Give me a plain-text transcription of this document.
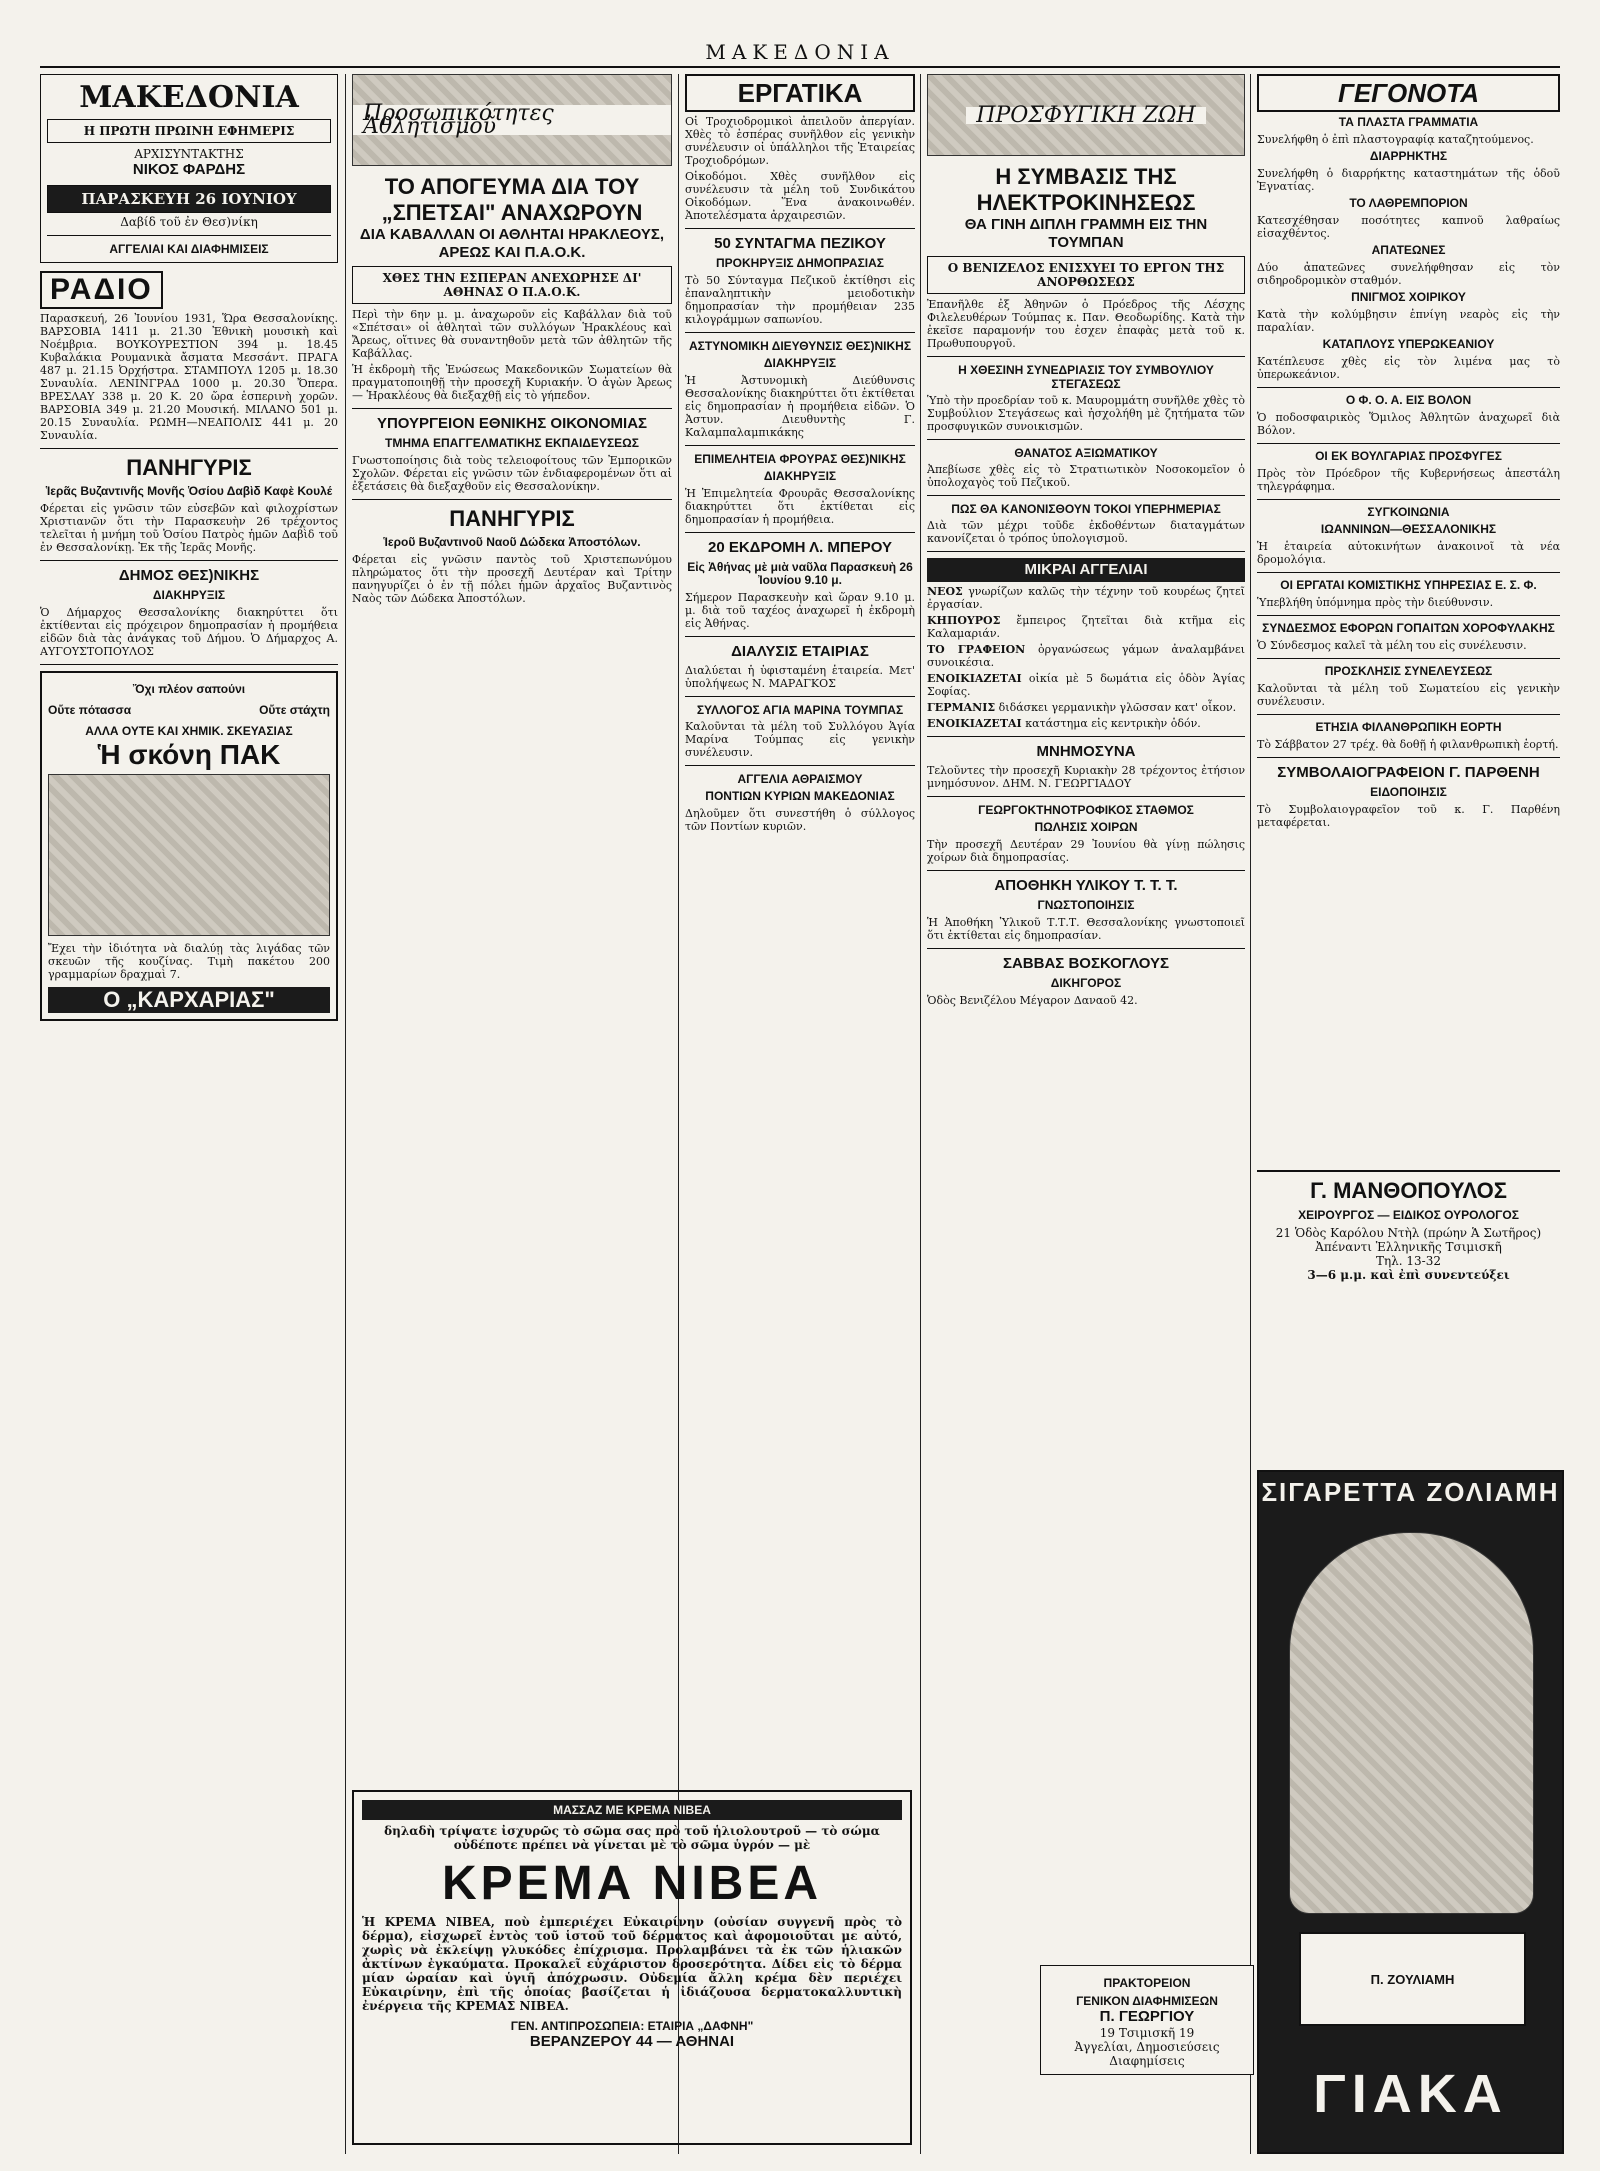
ΜΑΚΕΔΟΝΙΑ
ΜΑΚΕΔΟΝΙΑ
Η ΠΡΩΤΗ ΠΡΩΙΝΗ ΕΦΗΜΕΡΙΣ
ΑΡΧΙΣΥΝΤΑΚΤΗΣ
ΝΙΚΟΣ ΦΑΡΔΗΣ
ΠΑΡΑΣΚΕΥΗ 26 ΙΟΥΝΙΟΥ
Δαβίδ τοῦ ἐν Θεσ)νίκη
ΑΓΓΕΛΙΑΙ ΚΑΙ ΔΙΑΦΗΜΙΣΕΙΣ
ΡΑΔΙΟ
Παρασκευή, 26 Ἰουνίου 1931, Ὥρα Θεσσαλονίκης. ΒΑΡΣΟΒΙΑ 1411 μ. 21.30 Ἐθνικὴ μουσικὴ καὶ Νοέμβρια. ΒΟΥΚΟΥΡΕΣΤΙΟΝ 394 μ. 18.45 Κυβαλάκια Ρουμανικὰ ἄσματα Μεσσάντ. ΠΡΑΓΑ 487 μ. 21.15 Ὀρχήστρα. ΣΤΑΜΠΟΥΛ 1205 μ. 18.30 Συναυλία. ΛΕΝΙΝΓΡΑΔ 1000 μ. 20.30 Ὄπερα. ΒΡΕΣΛΑΥ 338 μ. 20 Κ. 20 ὥρα ἑσπερινὴ χορῶν. ΒΑΡΣΟΒΙΑ 349 μ. 21.20 Μουσική. ΜΙΛΑΝΟ 501 μ. 20.15 Συναυλία. ΡΩΜΗ—ΝΕΑΠΟΛΙΣ 441 μ. 20 Συναυλία.
ΠΑΝΗΓΥΡΙΣ
Ἱερᾶς Βυζαντινῆς Μονῆς Ὁσίου Δαβὶδ Καφὲ Κουλέ
Φέρεται εἰς γνῶσιν τῶν εὐσεβῶν καὶ φιλοχρίστων Χριστιανῶν ὅτι τὴν Παρασκευὴν 26 τρέχοντος τελεῖται ἡ μνήμη τοῦ Ὁσίου Πατρὸς ἡμῶν Δαβὶδ τοῦ ἐν Θεσσαλονίκῃ. Ἐκ τῆς Ἱερᾶς Μονῆς.
ΔΗΜΟΣ ΘΕΣ)ΝΙΚΗΣ
ΔΙΑΚΗΡΥΞΙΣ
Ὁ Δήμαρχος Θεσσαλονίκης διακηρύττει ὅτι ἐκτίθενται εἰς πρόχειρον δημοπρασίαν ἡ προμήθεια εἰδῶν διὰ τὰς ἀνάγκας τοῦ Δήμου. Ὁ Δήμαρχος Α. ΑΥΓΟΥΣΤΟΠΟΥΛΟΣ
Ὄχι πλέον σαπούνι
Οὔτε πότασσα	Οὔτε στάχτη
ΑΛΛΑ ΟΥΤΕ ΚΑΙ ΧΗΜΙΚ. ΣΚΕΥΑΣΙΑΣ
Ἡ σκόνη ΠΑΚ
Ἔχει τὴν ἰδιότητα νὰ διαλύῃ τὰς λιγάδας τῶν σκευῶν τῆς κουζίνας. Τιμὴ πακέτου 200 γραμμαρίων δραχμαὶ 7.
Ο „ΚΑΡΧΑΡΙΑΣ"
Προσωπικότητες Ἀθλητισμοῦ
ΤΟ ΑΠΟΓΕΥΜΑ ΔΙΑ ΤΟΥ „ΣΠΕΤΣΑΙ" ΑΝΑΧΩΡΟΥΝ
ΔΙΑ ΚΑΒΑΛΛΑΝ ΟΙ ΑΘΛΗΤΑΙ ΗΡΑΚΛΕΟΥΣ, ΑΡΕΩΣ ΚΑΙ Π.Α.Ο.Κ.
ΧΘΕΣ ΤΗΝ ΕΣΠΕΡΑΝ ΑΝΕΧΩΡΗΣΕ ΔΙ' ΑΘΗΝΑΣ Ο Π.Α.Ο.Κ.
Περὶ τὴν 6ην μ. μ. ἀναχωροῦν εἰς Καβάλλαν διὰ τοῦ «Σπέτσαι» οἱ ἀθληταὶ τῶν συλλόγων Ἡρακλέους καὶ Ἄρεως, οἵτινες θὰ συναντηθοῦν μετὰ τῶν ἀθλητῶν τῆς Καβάλλας.
Ἡ ἐκδρομὴ τῆς Ἐνώσεως Μακεδονικῶν Σωματείων θὰ πραγματοποιηθῇ τὴν προσεχῆ Κυριακήν. Ὁ ἀγὼν Ἀρεως — Ἡρακλέους θὰ διεξαχθῇ εἰς τὸ γήπεδον.
ΥΠΟΥΡΓΕΙΟΝ ΕΘΝΙΚΗΣ ΟΙΚΟΝΟΜΙΑΣ
ΤΜΗΜΑ ΕΠΑΓΓΕΛΜΑΤΙΚΗΣ ΕΚΠΑΙΔΕΥΣΕΩΣ
Γνωστοποίησις διὰ τοὺς τελειοφοίτους τῶν Ἐμπορικῶν Σχολῶν. Φέρεται εἰς γνῶσιν τῶν ἐνδιαφερομένων ὅτι αἱ ἐξετάσεις θὰ διεξαχθοῦν εἰς Θεσσαλονίκην.
ΠΑΝΗΓΥΡΙΣ
Ἱεροῦ Βυζαντινοῦ Ναοῦ Δώδεκα Ἀποστόλων.
Φέρεται εἰς γνῶσιν παντὸς τοῦ Χριστεπωνύμου πληρώματος ὅτι τὴν προσεχῆ Δευτέραν καὶ Τρίτην πανηγυρίζει ὁ ἐν τῇ πόλει ἡμῶν ἀρχαῖος Βυζαντινὸς Ναὸς τῶν Δώδεκα Ἀποστόλων.
ΕΡΓΑΤΙΚΑ
Οἱ Τροχιοδρομικοὶ ἀπειλοῦν ἀπεργίαν. Χθὲς τὸ ἑσπέρας συνῆλθον εἰς γενικὴν συνέλευσιν οἱ ὑπάλληλοι τῆς Ἑταιρείας Τροχιοδρόμων.
Οἰκοδόμοι. Χθὲς συνῆλθον εἰς συνέλευσιν τὰ μέλη τοῦ Συνδικάτου Οἰκοδόμων. Ἕνα ἀνακοινωθέν. Ἀποτελέσματα ἀρχαιρεσιῶν.
50 ΣΥΝΤΑΓΜΑ ΠΕΖΙΚΟΥ
ΠΡΟΚΗΡΥΞΙΣ ΔΗΜΟΠΡΑΣΙΑΣ
Τὸ 50 Σύνταγμα Πεζικοῦ ἐκτίθησι εἰς ἐπαναληπτικὴν μειοδοτικὴν δημοπρασίαν τὴν προμήθειαν 235 κιλογράμμων σαπωνίου.
ΑΣΤΥΝΟΜΙΚΗ ΔΙΕΥΘΥΝΣΙΣ ΘΕΣ)ΝΙΚΗΣ
ΔΙΑΚΗΡΥΞΙΣ
Ἡ Ἀστυνομικὴ Διεύθυνσις Θεσσαλονίκης διακηρύττει ὅτι ἐκτίθεται εἰς δημοπρασίαν ἡ προμήθεια εἰδῶν. Ὁ Ἀστυν. Διευθυντὴς Γ. Καλαμπαλαμπικάκης
ΕΠΙΜΕΛΗΤΕΙΑ ΦΡΟΥΡΑΣ ΘΕΣ)ΝΙΚΗΣ
ΔΙΑΚΗΡΥΞΙΣ
Ἡ Ἐπιμελητεία Φρουρᾶς Θεσσαλονίκης διακηρύττει ὅτι ἐκτίθεται εἰς δημοπρασίαν ἡ προμήθεια.
20 ΕΚΔΡΟΜΗ Λ. ΜΠΕΡΟΥ
Εἰς Ἀθήνας μὲ μιὰ ναῦλα Παρασκευὴ 26 Ἰουνίου 9.10 μ.
Σήμερον Παρασκευὴν καὶ ὥραν 9.10 μ. μ. διὰ τοῦ ταχέος ἀναχωρεῖ ἡ ἐκδρομὴ εἰς Ἀθήνας.
ΔΙΑΛΥΣΙΣ ΕΤΑΙΡΙΑΣ
Διαλύεται ἡ ὑφισταμένη ἑταιρεία. Μετ' ὑπολήψεως Ν. ΜΑΡΑΓΚΟΣ
ΣΥΛΛΟΓΟΣ ΑΓΙΑ ΜΑΡΙΝΑ ΤΟΥΜΠΑΣ
Καλοῦνται τὰ μέλη τοῦ Συλλόγου Ἁγία Μαρίνα Τούμπας εἰς γενικὴν συνέλευσιν.
ΑΓΓΕΛΙΑ ΑΘΡΑΙΣΜΟΥ
ΠΟΝΤΙΩΝ ΚΥΡΙΩΝ ΜΑΚΕΔΟΝΙΑΣ
Δηλοῦμεν ὅτι συνεστήθη ὁ σύλλογος τῶν Ποντίων κυριῶν.
ΠΡΟΣΦΥΓΙΚΗ ΖΩΗ
Η ΣΥΜΒΑΣΙΣ ΤΗΣ ΗΛΕΚΤΡΟΚΙΝΗΣΕΩΣ
ΘΑ ΓΙΝΗ ΔΙΠΛΗ ΓΡΑΜΜΗ ΕΙΣ ΤΗΝ ΤΟΥΜΠΑΝ
Ο ΒΕΝΙΖΕΛΟΣ ΕΝΙΣΧΥΕΙ ΤΟ ΕΡΓΟΝ ΤΗΣ ΑΝΟΡΘΩΣΕΩΣ
Ἐπανῆλθε ἐξ Ἀθηνῶν ὁ Πρόεδρος τῆς Λέσχης Φιλελευθέρων Τούμπας κ. Παν. Θεοδωρίδης. Κατὰ τὴν ἐκεῖσε παραμονήν του ἐσχεν ἐπαφὰς μετὰ τοῦ κ. Πρωθυπουργοῦ.
Η ΧΘΕΣΙΝΗ ΣΥΝΕΔΡΙΑΣΙΣ ΤΟΥ ΣΥΜΒΟΥΛΙΟΥ ΣΤΕΓΑΣΕΩΣ
Ὑπὸ τὴν προεδρίαν τοῦ κ. Μαυρομμάτη συνῆλθε χθὲς τὸ Συμβούλιον Στεγάσεως καὶ ἠσχολήθη μὲ ζητήματα τῶν προσφυγικῶν συνοικισμῶν.
ΘΑΝΑΤΟΣ ΑΞΙΩΜΑΤΙΚΟΥ
Ἀπεβίωσε χθὲς εἰς τὸ Στρατιωτικὸν Νοσοκομεῖον ὁ ὑπολοχαγὸς τοῦ Πεζικοῦ.
ΠΩΣ ΘΑ ΚΑΝΟΝΙΣΘΟΥΝ ΤΟΚΟΙ ΥΠΕΡΗΜΕΡΙΑΣ
Διὰ τῶν μέχρι τοῦδε ἐκδοθέντων διαταγμάτων κανονίζεται ὁ τρόπος ὑπολογισμοῦ.
ΜΙΚΡΑΙ ΑΓΓΕΛΙΑΙ
ΝΕΟΣ γνωρίζων καλῶς τὴν τέχνην τοῦ κουρέως ζητεῖ ἐργασίαν.
ΚΗΠΟΥΡΟΣ ἔμπειρος ζητεῖται διὰ κτῆμα εἰς Καλαμαριάν.
ΤΟ ΓΡΑΦΕΙΟΝ ὀργανώσεως γάμων ἀναλαμβάνει συνοικέσια.
ΕΝΟΙΚΙΑΖΕΤΑΙ οἰκία μὲ 5 δωμάτια εἰς ὁδὸν Ἁγίας Σοφίας.
ΓΕΡΜΑΝΙΣ διδάσκει γερμανικὴν γλῶσσαν κατ' οἶκον.
ΕΝΟΙΚΙΑΖΕΤΑΙ κατάστημα εἰς κεντρικὴν ὁδόν.
ΜΝΗΜΟΣΥΝΑ
Τελοῦντες τὴν προσεχῆ Κυριακὴν 28 τρέχοντος ἐτήσιον μνημόσυνον. ΔΗΜ. Ν. ΓΕΩΡΓΙΑΔΟΥ
ΓΕΩΡΓΟΚΤΗΝΟΤΡΟΦΙΚΟΣ ΣΤΑΘΜΟΣ
ΠΩΛΗΣΙΣ ΧΟΙΡΩΝ
Τὴν προσεχῆ Δευτέραν 29 Ἰουνίου θὰ γίνῃ πώλησις χοίρων διὰ δημοπρασίας.
ΑΠΟΘΗΚΗ ΥΛΙΚΟΥ Τ. Τ. Τ.
ΓΝΩΣΤΟΠΟΙΗΣΙΣ
Ἡ Ἀποθήκη Ὑλικοῦ Τ.Τ.Τ. Θεσσαλονίκης γνωστοποιεῖ ὅτι ἐκτίθεται εἰς δημοπρασίαν.
ΣΑΒΒΑΣ ΒΟΣΚΟΓΛΟΥΣ
ΔΙΚΗΓΟΡΟΣ
Ὁδὸς Βενιζέλου Μέγαρον Δαναοῦ 42.
ΠΡΑΚΤΟΡΕΙΟΝ
ΓΕΝΙΚΟΝ ΔΙΑΦΗΜΙΣΕΩΝ
Π. ΓΕΩΡΓΙΟΥ
19 Τσιμισκῆ 19
Ἀγγελίαι, Δημοσιεύσεις Διαφημίσεις
ΓΕΓΟΝΟΤΑ
ΤΑ ΠΛΑΣΤΑ ΓΡΑΜΜΑΤΙΑ
Συνελήφθη ὁ ἐπὶ πλαστογραφίᾳ καταζητούμενος.
ΔΙΑΡΡΗΚΤΗΣ
Συνελήφθη ὁ διαρρήκτης καταστημάτων τῆς ὁδοῦ Ἐγνατίας.
ΤΟ ΛΑΘΡΕΜΠΟΡΙΟΝ
Κατεσχέθησαν ποσότητες καπνοῦ λαθραίως εἰσαχθέντος.
ΑΠΑΤΕΩΝΕΣ
Δύο ἀπατεῶνες συνελήφθησαν εἰς τὸν σιδηροδρομικὸν σταθμόν.
ΠΝΙΓΜΟΣ ΧΟΙΡΙΚΟΥ
Κατὰ τὴν κολύμβησιν ἐπνίγη νεαρὸς εἰς τὴν παραλίαν.
ΚΑΤΑΠΛΟΥΣ ΥΠΕΡΩΚΕΑΝΙΟΥ
Κατέπλευσε χθὲς εἰς τὸν λιμένα μας τὸ ὑπερωκεάνιον.
Ο Φ. Ο. Α. ΕΙΣ ΒΟΛΟΝ
Ὁ ποδοσφαιρικὸς Ὅμιλος Ἀθλητῶν ἀναχωρεῖ διὰ Βόλον.
ΟΙ ΕΚ ΒΟΥΛΓΑΡΙΑΣ ΠΡΟΣΦΥΓΕΣ
Πρὸς τὸν Πρόεδρον τῆς Κυβερνήσεως ἀπεστάλη τηλεγράφημα.
ΣΥΓΚΟΙΝΩΝΙΑ
ΙΩΑΝΝΙΝΩΝ—ΘΕΣΣΑΛΟΝΙΚΗΣ
Ἡ ἑταιρεία αὐτοκινήτων ἀνακοινοῖ τὰ νέα δρομολόγια.
ΟΙ ΕΡΓΑΤΑΙ ΚΟΜΙΣΤΙΚΗΣ ΥΠΗΡΕΣΙΑΣ Ε. Σ. Φ.
Ὑπεβλήθη ὑπόμνημα πρὸς τὴν διεύθυνσιν.
ΣΥΝΔΕΣΜΟΣ ΕΦΟΡΩΝ ΓΟΠΑΙΤΩΝ ΧΟΡΟΦΥΛΑΚΗΣ
Ὁ Σύνδεσμος καλεῖ τὰ μέλη του εἰς συνέλευσιν.
ΠΡΟΣΚΛΗΣΙΣ ΣΥΝΕΛΕΥΣΕΩΣ
Καλοῦνται τὰ μέλη τοῦ Σωματείου εἰς γενικὴν συνέλευσιν.
ΕΤΗΣΙΑ ΦΙΛΑΝΘΡΩΠΙΚΗ ΕΟΡΤΗ
Τὸ Σάββατον 27 τρέχ. θὰ δοθῇ ἡ φιλανθρωπικὴ ἑορτή.
ΣΥΜΒΟΛΑΙΟΓΡΑΦΕΙΟΝ Γ. ΠΑΡΘΕΝΗ
ΕΙΔΟΠΟΙΗΣΙΣ
Τὸ Συμβολαιογραφεῖον τοῦ κ. Γ. Παρθένη μεταφέρεται.
Γ. ΜΑΝΘΟΠΟΥΛΟΣ
ΧΕΙΡΟΥΡΓΟΣ — ΕΙΔΙΚΟΣ ΟΥΡΟΛΟΓΟΣ
21 Ὁδὸς Καρόλου Ντὴλ (πρώην Ἁ Σωτῆρος) Ἀπέναντι Ἑλληνικῆς Τσιμισκῆ
Τηλ. 13-32
3—6 μ.μ. καὶ ἐπὶ συνεντεύξει
ΜΑΣΣΑΖ ΜΕ ΚΡΕΜΑ ΝΙΒΕΑ
δηλαδὴ τρίψατε ἰσχυρῶς τὸ σῶμα σας πρὸ τοῦ ἡλιολουτροῦ — τὸ σώμα οὐδέποτε πρέπει νὰ γίνεται μὲ τὸ σῶμα ὑγρόν — μὲ
ΚΡΕΜΑ NIBEA
Ἡ ΚΡΕΜΑ ΝΙΒΕΑ, ποὺ ἐμπεριέχει Εὐκαιρίνην (οὐσίαν συγγενῆ πρὸς τὸ δέρμα), εἰσχωρεῖ ἐντὸς τοῦ ἱστοῦ τοῦ δέρματος καὶ ἀφομοιοῦται με αὐτό, χωρὶς νὰ ἐκλείψῃ γλυκόδες ἐπίχρισμα. Προλαμβάνει τὰ ἐκ τῶν ἡλιακῶν ἀκτίνων ἐγκαύματα. Προκαλεῖ εὐχάριστον δροσερότητα. Δίδει εἰς τὸ δέρμα μίαν ὡραίαν καὶ ὑγιῆ ἀπόχρωσιν. Οὐδεμία ἄλλη κρέμα δὲν περιέχει Εὐκαιρίνην, ἐπὶ τῆς ὁποίας βασίζεται ἡ ἰδιάζουσα δερματοκαλλυντικὴ ἐνέργεια τῆς ΚΡΕΜΑΣ NIBEA.
ΓΕΝ. ΑΝΤΙΠΡΟΣΩΠΕΙΑ: ΕΤΑΙΡΙΑ „ΔΑΦΝΗ"
ΒΕΡΑΝΖΕΡΟΥ 44 — ΑΘΗΝΑΙ
ΣΙΓΑΡΕΤΤΑ ΖΟΛΙΑΜΗ
Π. ΖΟΥΛΙΑΜΗ
ΓΙΑΚΑ
